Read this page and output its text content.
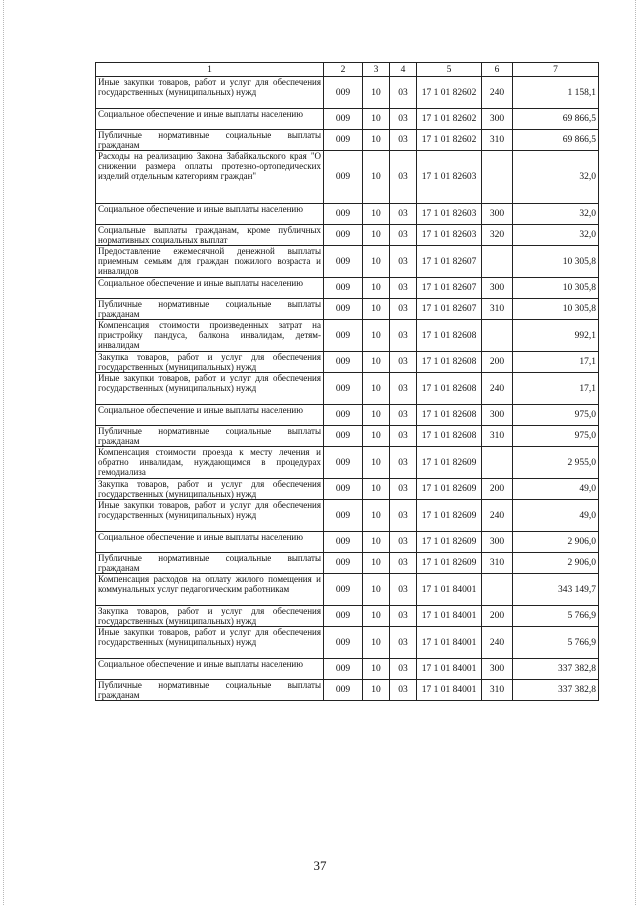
1	2	3	4	5	6	7
Иные закупки товаров, работ и услуг для обеспечения государственных (муниципальных) нужд	009	10	03	17 1 01 82602	240	1 158,1
Социальное обеспечение и иные выплаты населению	009	10	03	17 1 01 82602	300	69 866,5
Публичные нормативные социальные выплаты гражданам	009	10	03	17 1 01 82602	310	69 866,5
Расходы на реализацию Закона Забайкальского края "О снижении размера оплаты протезно-ортопедических изделий отдельным категориям граждан"	009	10	03	17 1 01 82603		32,0
Социальное обеспечение и иные выплаты населению	009	10	03	17 1 01 82603	300	32,0
Социальные выплаты гражданам, кроме публичных нормативных социальных выплат	009	10	03	17 1 01 82603	320	32,0
Предоставление ежемесячной денежной выплаты приемным семьям для граждан пожилого возраста и инвалидов	009	10	03	17 1 01 82607		10 305,8
Социальное обеспечение и иные выплаты населению	009	10	03	17 1 01 82607	300	10 305,8
Публичные нормативные социальные выплаты гражданам	009	10	03	17 1 01 82607	310	10 305,8
Компенсация стоимости произведенных затрат на пристройку пандуса, балкона инвалидам, детям-инвалидам	009	10	03	17 1 01 82608		992,1
Закупка товаров, работ и услуг для обеспечения государственных (муниципальных) нужд	009	10	03	17 1 01 82608	200	17,1
Иные закупки товаров, работ и услуг для обеспечения государственных (муниципальных) нужд	009	10	03	17 1 01 82608	240	17,1
Социальное обеспечение и иные выплаты населению	009	10	03	17 1 01 82608	300	975,0
Публичные нормативные социальные выплаты гражданам	009	10	03	17 1 01 82608	310	975,0
Компенсация стоимости проезда к месту лечения и обратно инвалидам, нуждающимся в процедурах гемодиализа	009	10	03	17 1 01 82609		2 955,0
Закупка товаров, работ и услуг для обеспечения государственных (муниципальных) нужд	009	10	03	17 1 01 82609	200	49,0
Иные закупки товаров, работ и услуг для обеспечения государственных (муниципальных) нужд	009	10	03	17 1 01 82609	240	49,0
Социальное обеспечение и иные выплаты населению	009	10	03	17 1 01 82609	300	2 906,0
Публичные нормативные социальные выплаты гражданам	009	10	03	17 1 01 82609	310	2 906,0
Компенсация расходов на оплату жилого помещения и коммунальных услуг педагогическим работникам	009	10	03	17 1 01 84001		343 149,7
Закупка товаров, работ и услуг для обеспечения государственных (муниципальных) нужд	009	10	03	17 1 01 84001	200	5 766,9
Иные закупки товаров, работ и услуг для обеспечения государственных (муниципальных) нужд	009	10	03	17 1 01 84001	240	5 766,9
Социальное обеспечение и иные выплаты населению	009	10	03	17 1 01 84001	300	337 382,8
Публичные нормативные социальные выплаты гражданам	009	10	03	17 1 01 84001	310	337 382,8
37
